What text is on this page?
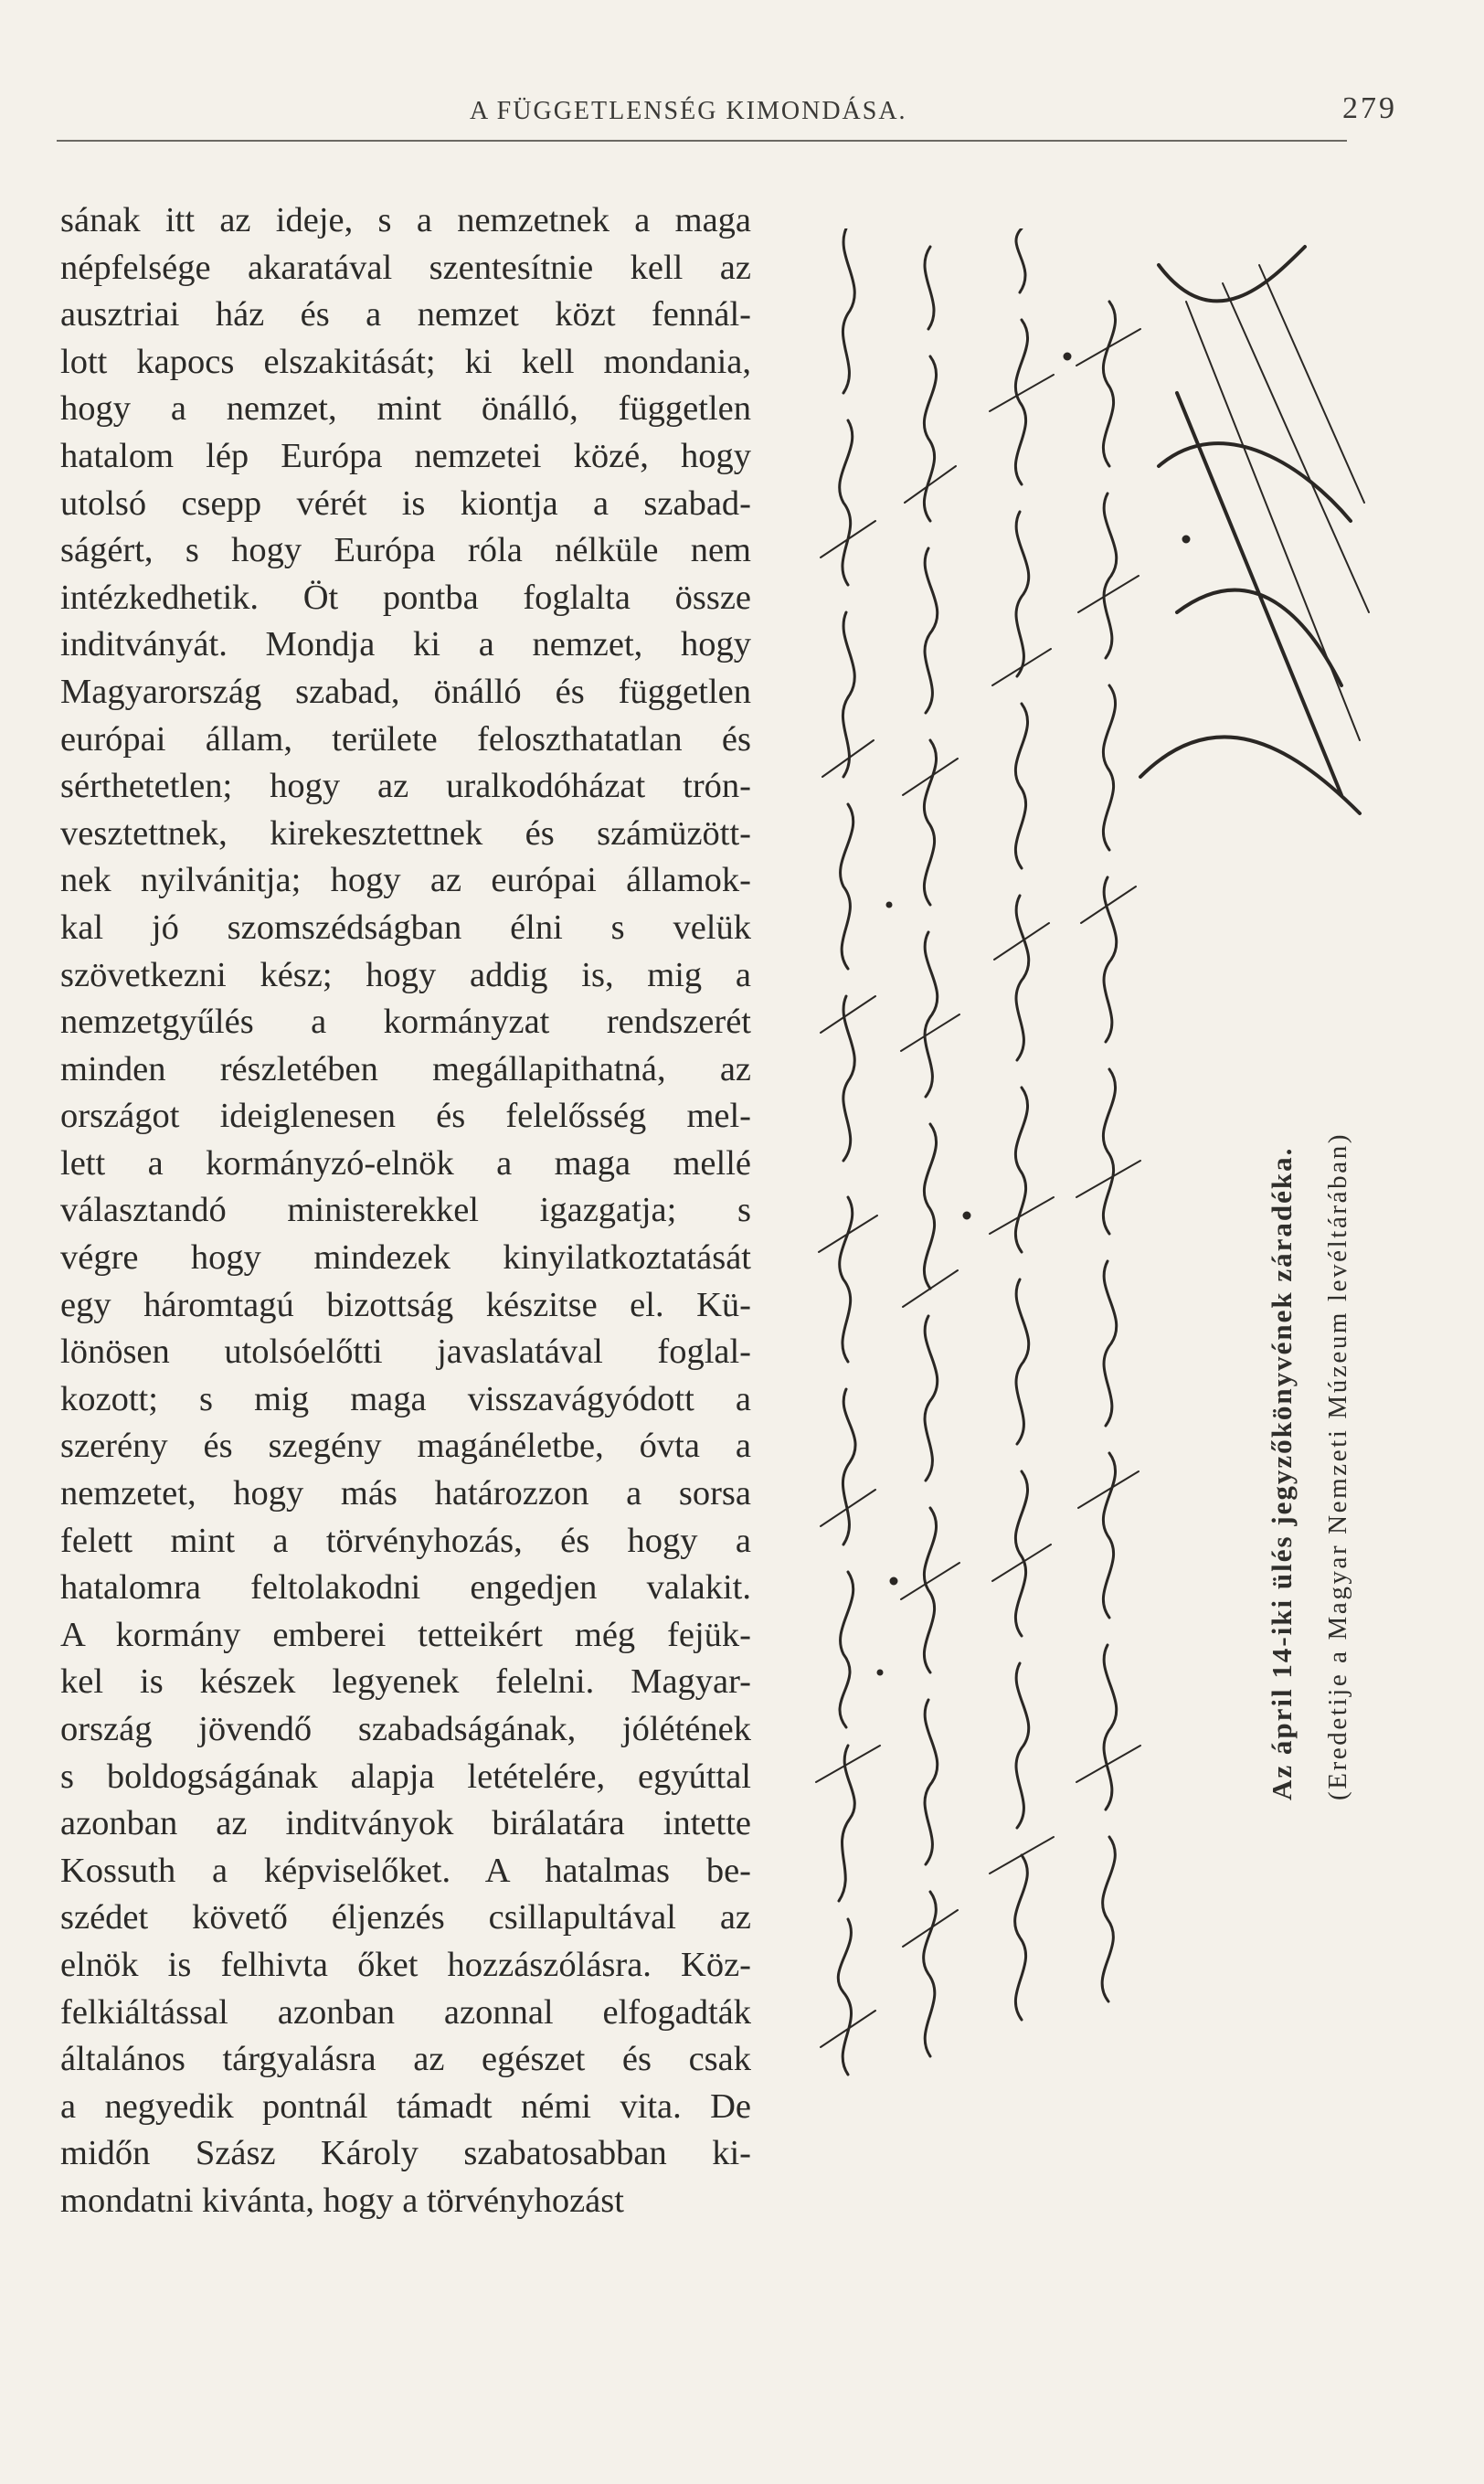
A FÜGGETLENSÉG KIMONDÁSA.	279
sának itt az ideje, s a nemzetnek a maga
népfelsége akaratával szentesítnie kell az
ausztriai ház és a nemzet közt fennál-
lott kapocs elszakitását; ki kell mondania,
hogy a nemzet, mint önálló, független
hatalom lép Európa nemzetei közé, hogy
utolsó csepp vérét is kiontja a szabad-
ságért, s hogy Európa róla nélküle nem
intézkedhetik. Öt pontba foglalta össze
inditványát. Mondja ki a nemzet, hogy
Magyarország szabad, önálló és független
európai állam, területe feloszthatatlan és
sérthetetlen; hogy az uralkodóházat trón-
vesztettnek, kirekesztettnek és számüzött-
nek nyilvánitja; hogy az európai államok-
kal jó szomszédságban élni s velük
szövetkezni kész; hogy addig is, mig a
nemzetgyűlés a kormányzat rendszerét
minden részletében megállapithatná, az
országot ideiglenesen és felelősség mel-
lett a kormányzó-elnök a maga mellé
választandó ministerekkel igazgatja; s
végre hogy mindezek kinyilatkoztatását
egy háromtagú bizottság készitse el. Kü-
lönösen utolsóelőtti javaslatával foglal-
kozott; s mig maga visszavágyódott a
szerény és szegény magánéletbe, óvta a
nemzetet, hogy más határozzon a sorsa
felett mint a törvényhozás, és hogy a
hatalomra feltolakodni engedjen valakit.
A kormány emberei tetteikért még fejük-
kel is készek legyenek felelni. Magyar-
ország jövendő szabadságának, jólétének
s boldogságának alapja letételére, egyúttal
azonban az inditványok birálatára intette
Kossuth a képviselőket. A hatalmas be-
szédet követő éljenzés csillapultával az
elnök is felhivta őket hozzászólásra. Köz-
felkiáltással azonban azonnal elfogadták
általános tárgyalásra az egészet és csak
a negyedik pontnál támadt némi vita. De
midőn Szász Károly szabatosabban ki-
mondatni kivánta, hogy a törvényhozást
Az ápril 14-iki ülés jegyzőkönyvének záradéka. (Eredetije a Magyar Nemzeti Múzeum levéltárában)
